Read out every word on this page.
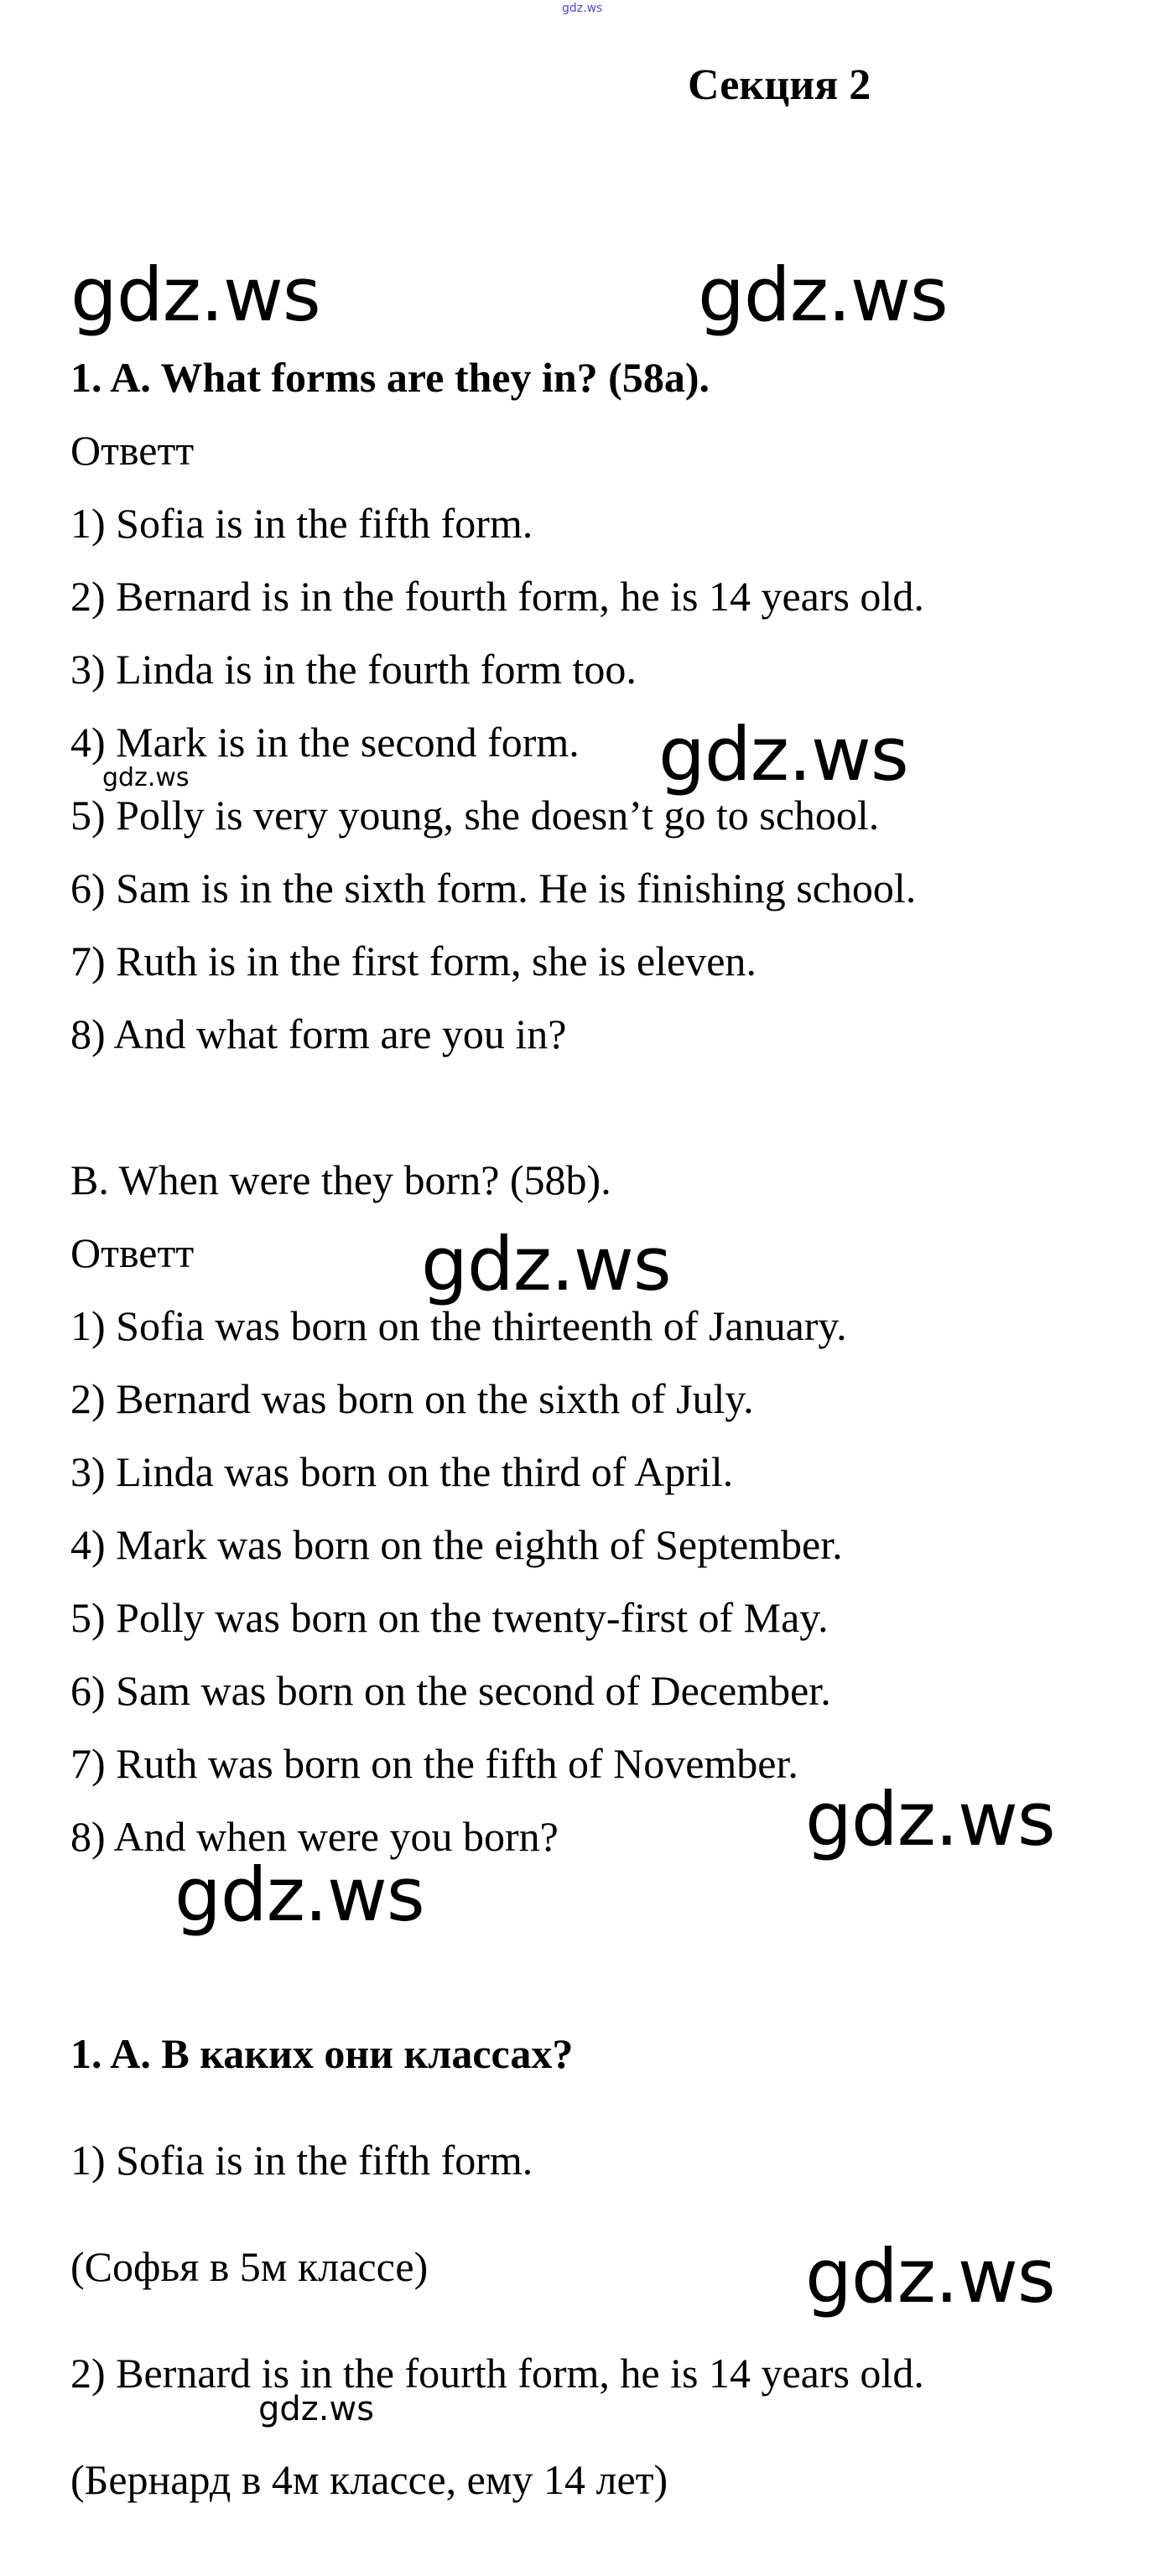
gdz.ws
Секция 2
gdz.ws	gdz.ws
gdz.ws
gdz.ws
gdz.ws
gdz.ws
gdz.ws
gdz.ws
gdz.ws
1. A. What forms are they in? (58a).
Ответт
1) Sofia is in the fifth form.
2) Bernard is in the fourth form, he is 14 years old.
3) Linda is in the fourth form too.
4) Mark is in the second form.
5) Polly is very young, she doesn’t go to school.
6) Sam is in the sixth form. He is finishing school.
7) Ruth is in the first form, she is eleven.
8) And what form are you in?
B. When were they born? (58b).
Ответт
1) Sofia was born on the thirteenth of January.
2) Bernard was born on the sixth of July.
3) Linda was born on the third of April.
4) Mark was born on the eighth of September.
5) Polly was born on the twenty-first of May.
6) Sam was born on the second of December.
7) Ruth was born on the fifth of November.
8) And when were you born?
1. A. В каких они классах?
1) Sofia is in the fifth form.
(Софья в 5м классе)
2) Bernard is in the fourth form, he is 14 years old.
(Бернард в 4м классе, ему 14 лет)
